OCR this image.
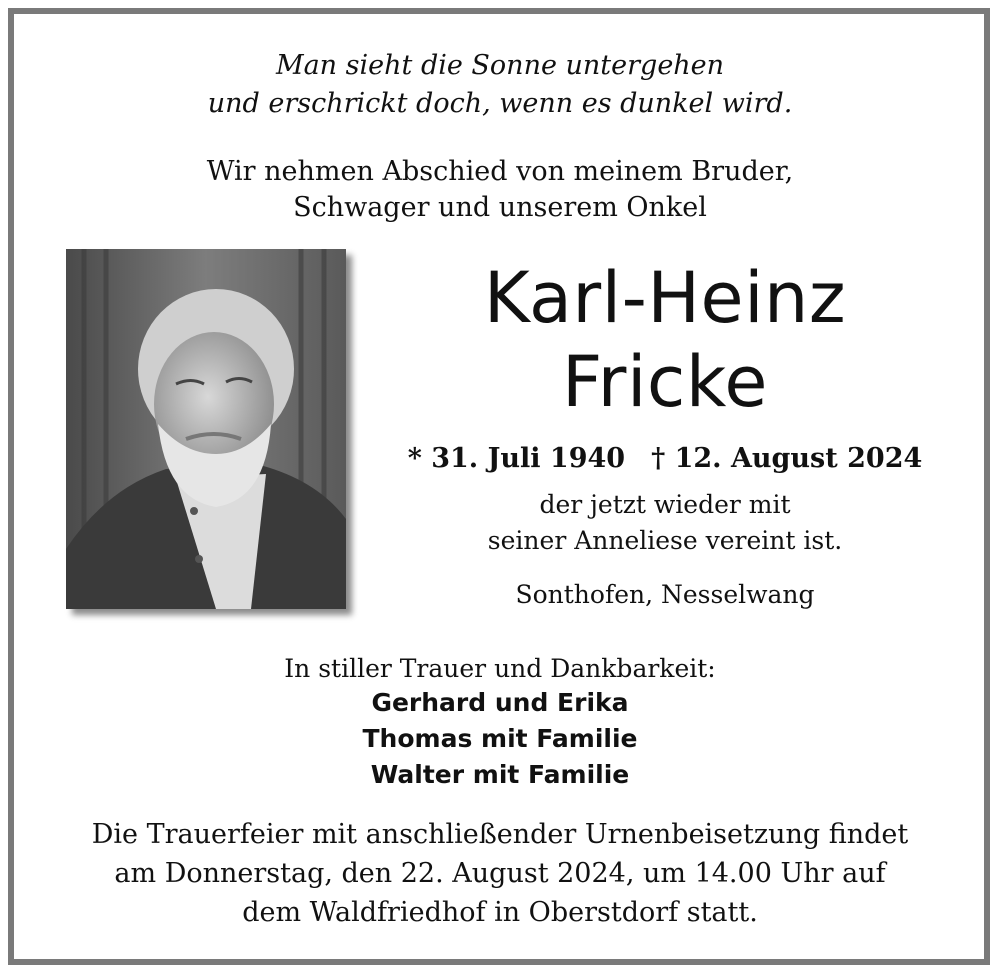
Man sieht die Sonne untergehen
und erschrickt doch, wenn es dunkel wird.
Wir nehmen Abschied von meinem Bruder,
Schwager und unserem Onkel
Karl-Heinz
Fricke
* 31. Juli 1940 † 12. August 2024
der jetzt wieder mit
seiner Anneliese vereint ist.
Sonthofen, Nesselwang
In stiller Trauer und Dankbarkeit:
Gerhard und Erika
Thomas mit Familie
Walter mit Familie
Die Trauerfeier mit anschließender Urnenbeisetzung findet
am Donnerstag, den 22. August 2024, um 14.00 Uhr auf
dem Waldfriedhof in Oberstdorf statt.
